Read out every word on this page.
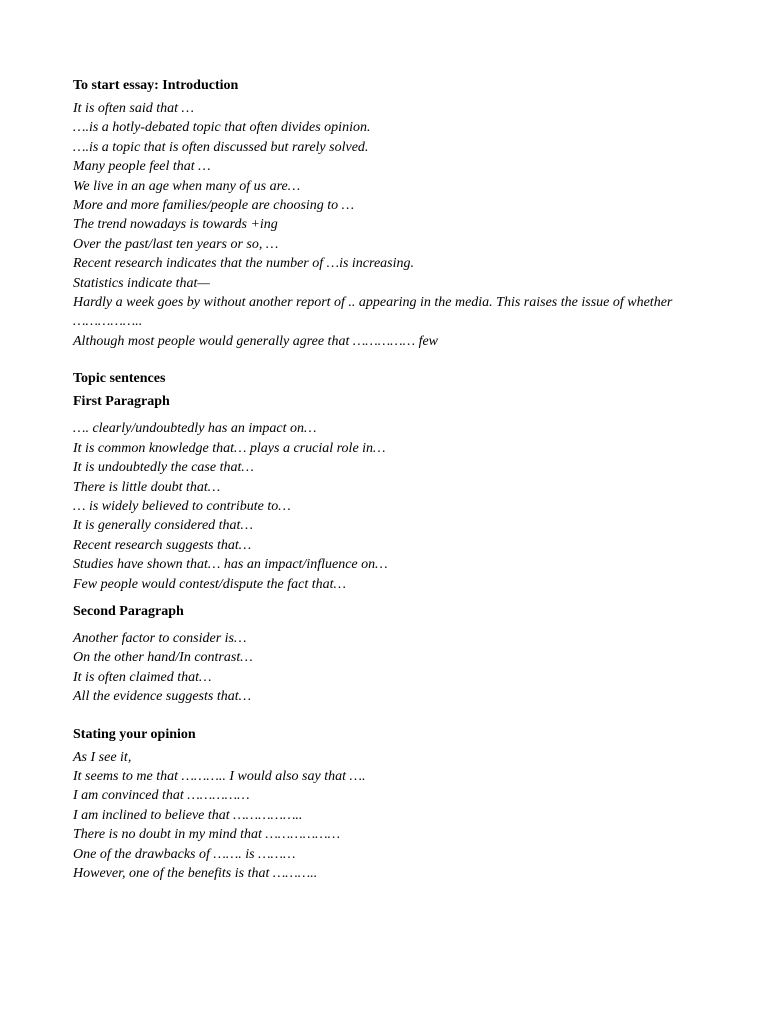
To start essay: Introduction

It is often said that …

….is a hotly-debated topic that often divides opinion.

….is a topic that is often discussed but rarely solved.

Many people feel that …

We live in an age when many of us are…

More and more families/people are choosing to …

The trend nowadays is towards +ing

Over the past/last ten years or so, …

Recent research indicates that the number of …is increasing.

Statistics indicate that—

Hardly a week goes by without another report of .. appearing in the media. This raises the issue of whether ……………..

Although most people would generally agree that …………… few

Topic sentences

First Paragraph

…. clearly/undoubtedly has an impact on…

It is common knowledge that… plays a crucial role in…

It is undoubtedly the case that…

There is little doubt that…

… is widely believed to contribute to…

It is generally considered that…

Recent research suggests that…

Studies have shown that… has an impact/influence on…

Few people would contest/dispute the fact that…

Second Paragraph

Another factor to consider is…

On the other hand/In contrast…

It is often claimed that…

All the evidence suggests that…

Stating your opinion

As I see it,

It seems to me that ……….. I would also say that ….

I am convinced that ……………

I am inclined to believe that ……………..

There is no doubt in my mind that ………………

One of the drawbacks of ……. is ………

However, one of the benefits is that ………..
